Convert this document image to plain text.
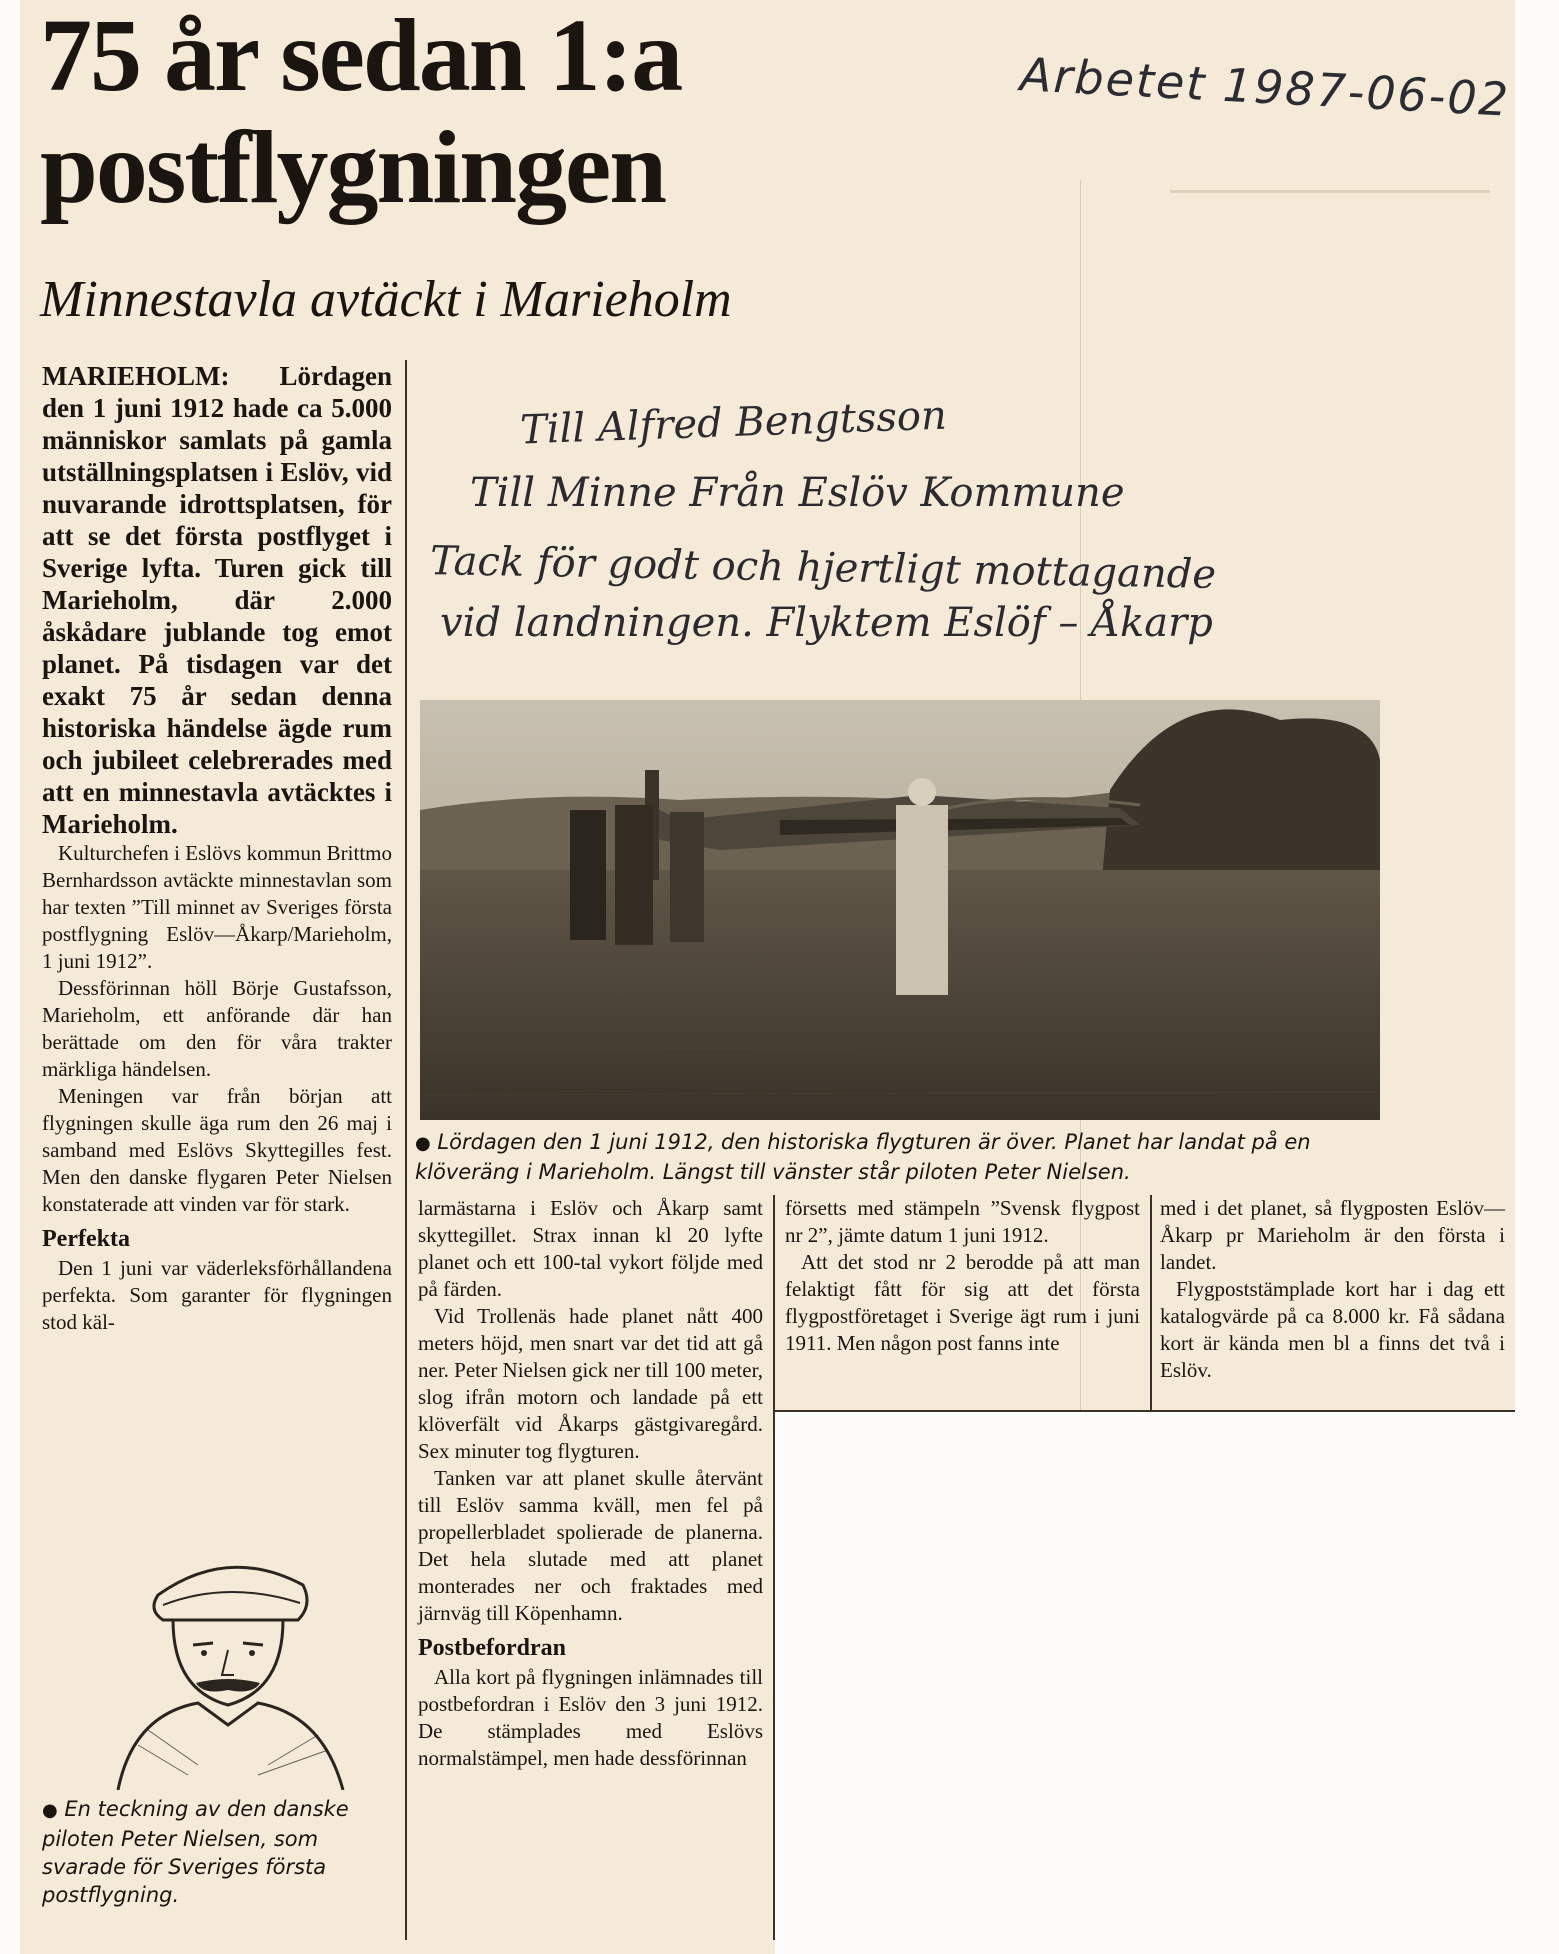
75 år sedan 1:a postflygningen
Minnestavla avtäckt i Marieholm
Arbetet 1987-06-02
Till Alfred Bengtsson
Till Minne Från Eslöv Kommune
Tack för godt och hjertligt mottagande
vid landningen. Flyktem Eslöf – Åkarp

MARIEHOLM: Lördagen den 1 juni 1912 hade ca 5.000 människor samlats på gamla utställningsplatsen i Eslöv, vid nuvarande idrottsplatsen, för att se det första postflyget i Sverige lyfta. Turen gick till Marieholm, där 2.000 åskådare jublande tog emot planet. På tisdagen var det exakt 75 år sedan denna historiska händelse ägde rum och jubileet celebrerades med att en minnestavla avtäcktes i Marieholm.

Kulturchefen i Eslövs kommun Brittmo Bernhardsson avtäckte minnestavlan som har texten ”Till minnet av Sveriges första postflygning Eslöv—Åkarp/Marieholm, 1 juni 1912”.

Dessförinnan höll Börje Gustafsson, Marieholm, ett anförande där han berättade om den för våra trakter märkliga händelsen.

Meningen var från början att flygningen skulle äga rum den 26 maj i samband med Eslövs Skyttegilles fest. Men den danske flygaren Peter Nielsen konstaterade att vinden var för stark.

Perfekta

Den 1 juni var väderleksförhållandena perfekta. Som garanter för flygningen stod käl-

● Lördagen den 1 juni 1912, den historiska flygturen är över. Planet har landat på en klöveräng i Marieholm. Längst till vänster står piloten Peter Nielsen.

larmästarna i Eslöv och Åkarp samt skyttegillet. Strax innan kl 20 lyfte planet och ett 100-tal vykort följde med på färden.

Vid Trollenäs hade planet nått 400 meters höjd, men snart var det tid att gå ner. Peter Nielsen gick ner till 100 meter, slog ifrån motorn och landade på ett klöverfält vid Åkarps gästgivaregård. Sex minuter tog flygturen.

Tanken var att planet skulle återvänt till Eslöv samma kväll, men fel på propellerbladet spolierade de planerna. Det hela slutade med att planet monterades ner och fraktades med järnväg till Köpenhamn.

Postbefordran

Alla kort på flygningen inlämnades till postbefordran i Eslöv den 3 juni 1912. De stämplades med Eslövs normalstämpel, men hade dessförinnan

försetts med stämpeln ”Svensk flygpost nr 2”, jämte datum 1 juni 1912.

Att det stod nr 2 berodde på att man felaktigt fått för sig att det första flygpostföretaget i Sverige ägt rum i juni 1911. Men någon post fanns inte

med i det planet, så flygposten Eslöv—Åkarp pr Marieholm är den första i landet.

Flygpoststämplade kort har i dag ett katalogvärde på ca 8.000 kr. Få sådana kort är kända men bl a finns det två i Eslöv.

● En teckning av den danske piloten Peter Nielsen, som svarade för Sveriges första postflygning.
